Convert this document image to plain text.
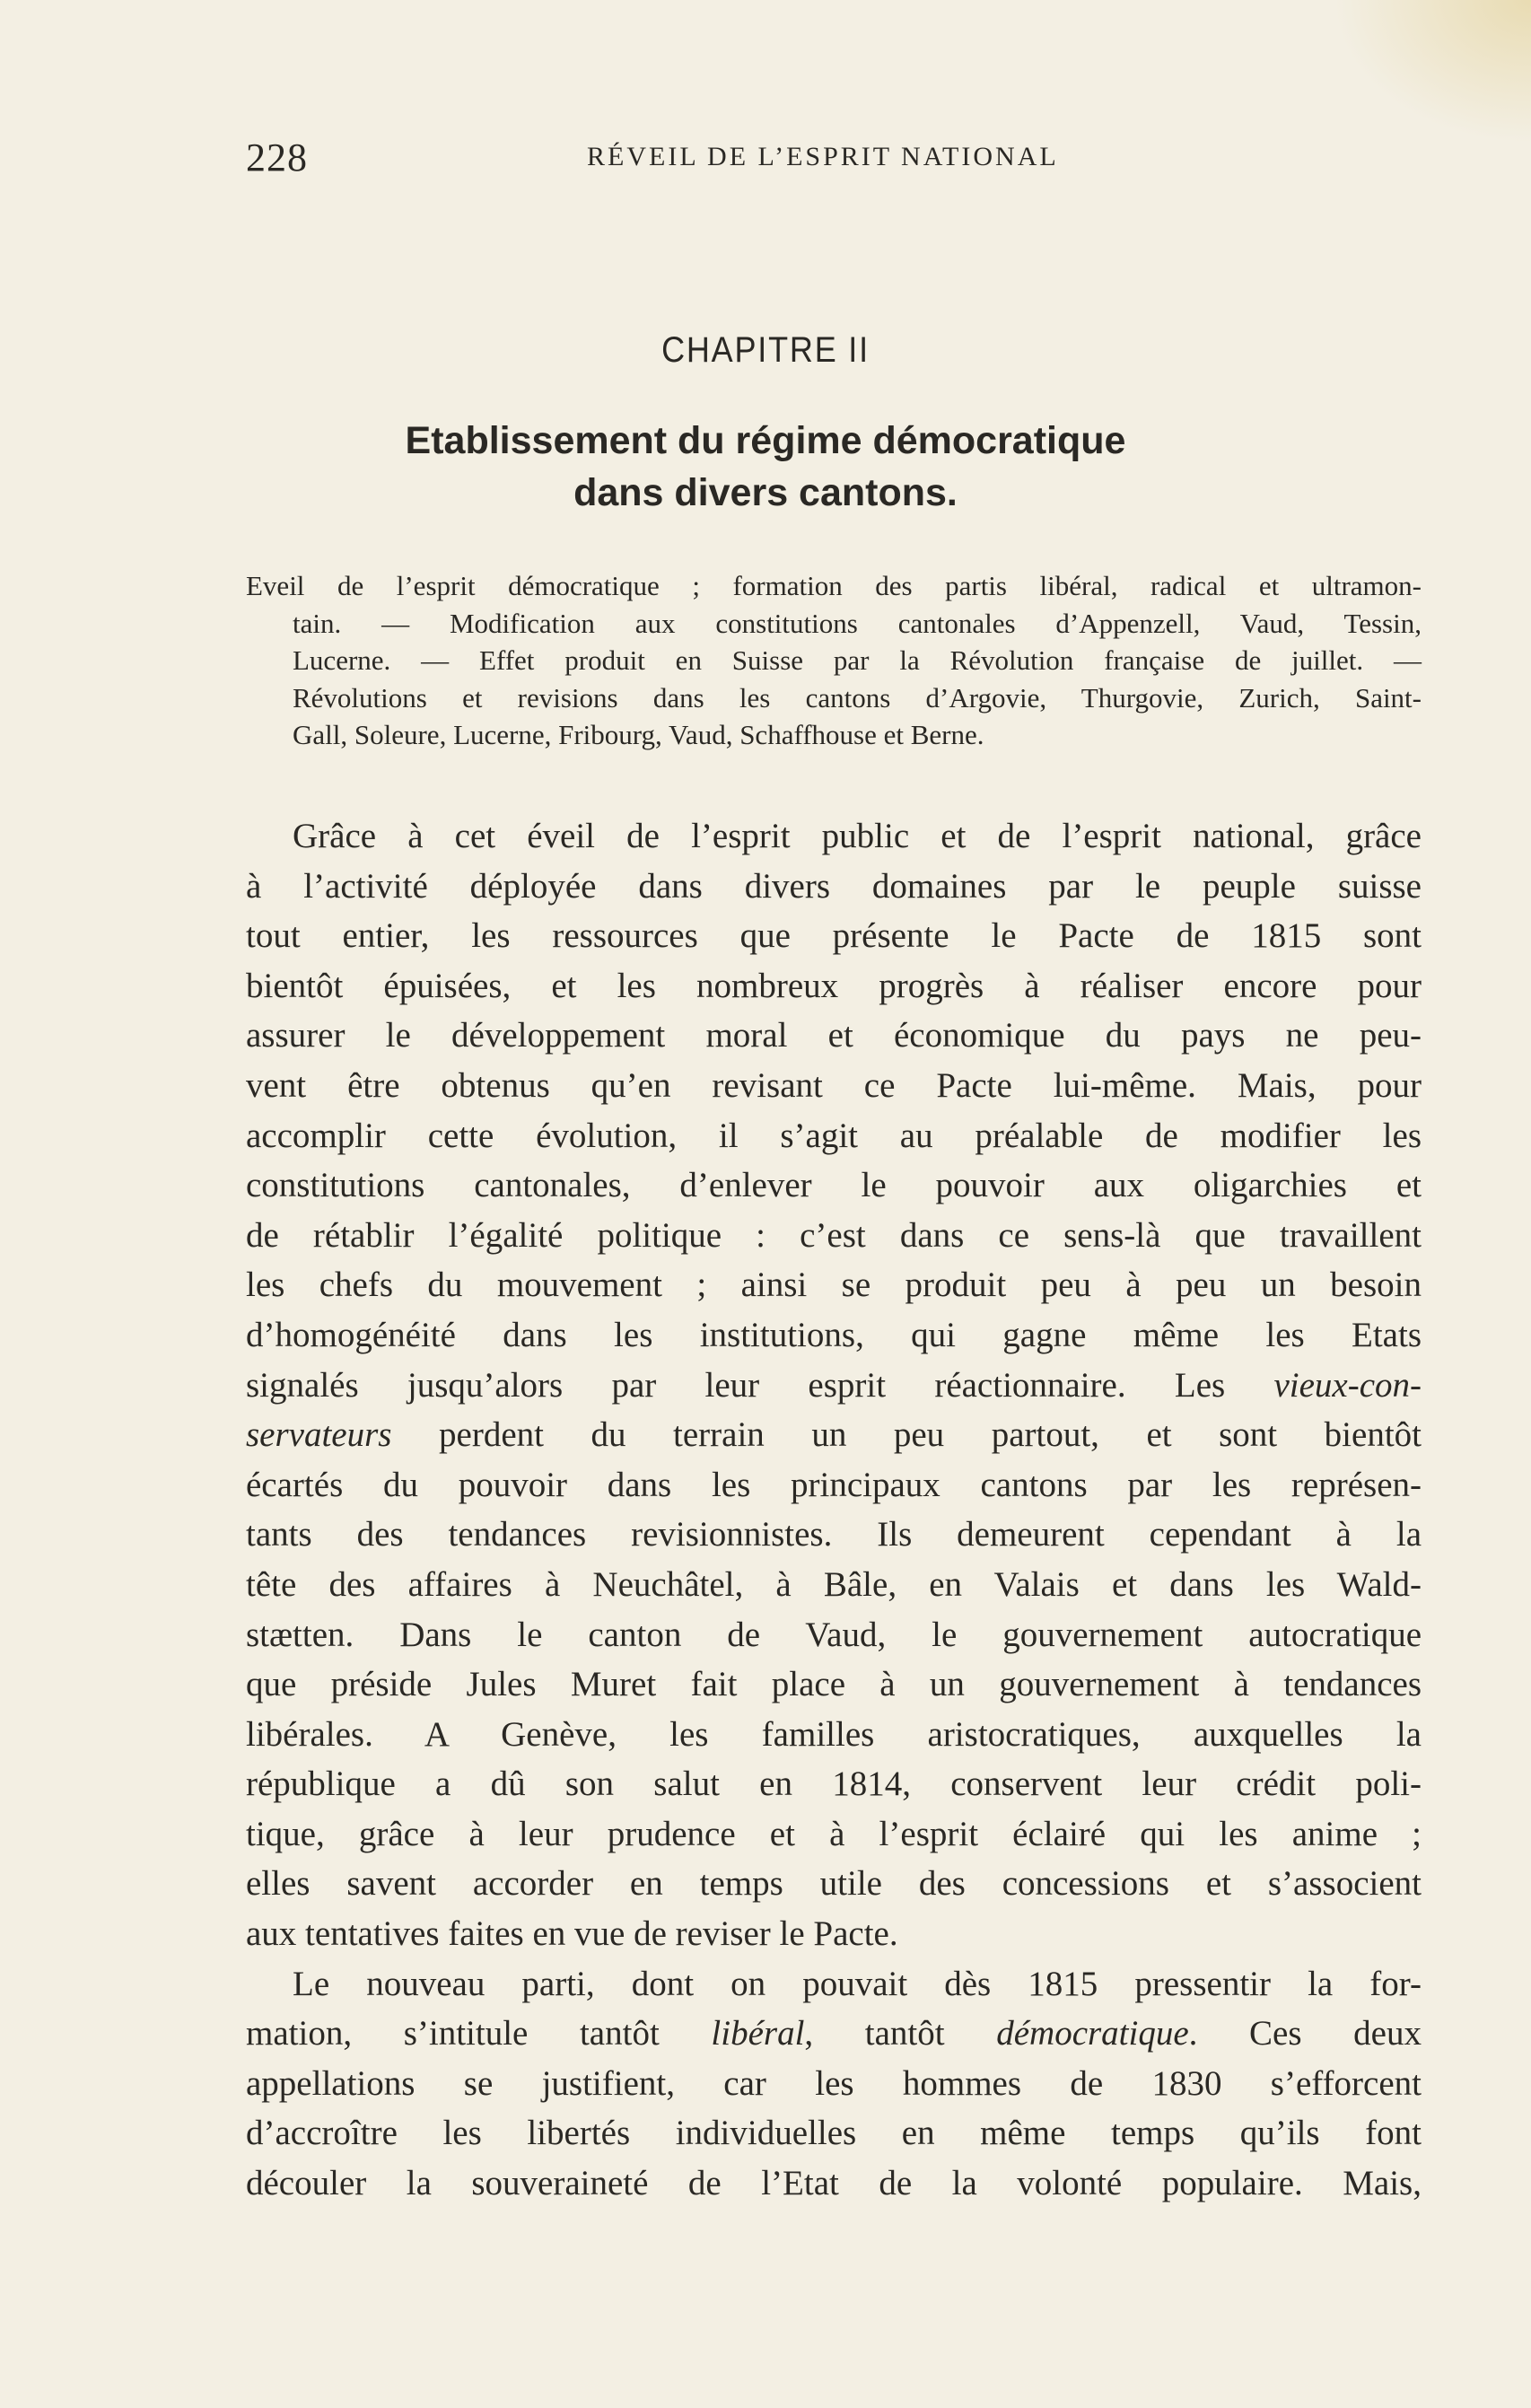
228	RÉVEIL DE L’ESPRIT NATIONAL
CHAPITRE II
Etablissement du régime démocratique
dans divers cantons.
Eveil de l’esprit démocratique ; formation des partis libéral, radical et ultramon-
tain. — Modification aux constitutions cantonales d’Appenzell, Vaud, Tessin,
Lucerne. — Effet produit en Suisse par la Révolution française de juillet. —
Révolutions et revisions dans les cantons d’Argovie, Thurgovie, Zurich, Saint-
Gall, Soleure, Lucerne, Fribourg, Vaud, Schaffhouse et Berne.
Grâce à cet éveil de l’esprit public et de l’esprit national, grâce
à l’activité déployée dans divers domaines par le peuple suisse
tout entier, les ressources que présente le Pacte de 1815 sont
bientôt épuisées, et les nombreux progrès à réaliser encore pour
assurer le développement moral et économique du pays ne peu-
vent être obtenus qu’en revisant ce Pacte lui-même. Mais, pour
accomplir cette évolution, il s’agit au préalable de modifier les
constitutions cantonales, d’enlever le pouvoir aux oligarchies et
de rétablir l’égalité politique : c’est dans ce sens-là que travaillent
les chefs du mouvement ; ainsi se produit peu à peu un besoin
d’homogénéité dans les institutions, qui gagne même les Etats
signalés jusqu’alors par leur esprit réactionnaire. Les vieux-con-
servateurs perdent du terrain un peu partout, et sont bientôt
écartés du pouvoir dans les principaux cantons par les représen-
tants des tendances revisionnistes. Ils demeurent cependant à la
tête des affaires à Neuchâtel, à Bâle, en Valais et dans les Wald-
stætten. Dans le canton de Vaud, le gouvernement autocratique
que préside Jules Muret fait place à un gouvernement à tendances
libérales. A Genève, les familles aristocratiques, auxquelles la
république a dû son salut en 1814, conservent leur crédit poli-
tique, grâce à leur prudence et à l’esprit éclairé qui les anime ;
elles savent accorder en temps utile des concessions et s’associent
aux tentatives faites en vue de reviser le Pacte.
Le nouveau parti, dont on pouvait dès 1815 pressentir la for-
mation, s’intitule tantôt libéral, tantôt démocratique. Ces deux
appellations se justifient, car les hommes de 1830 s’efforcent
d’accroître les libertés individuelles en même temps qu’ils font
découler la souveraineté de l’Etat de la volonté populaire. Mais,
